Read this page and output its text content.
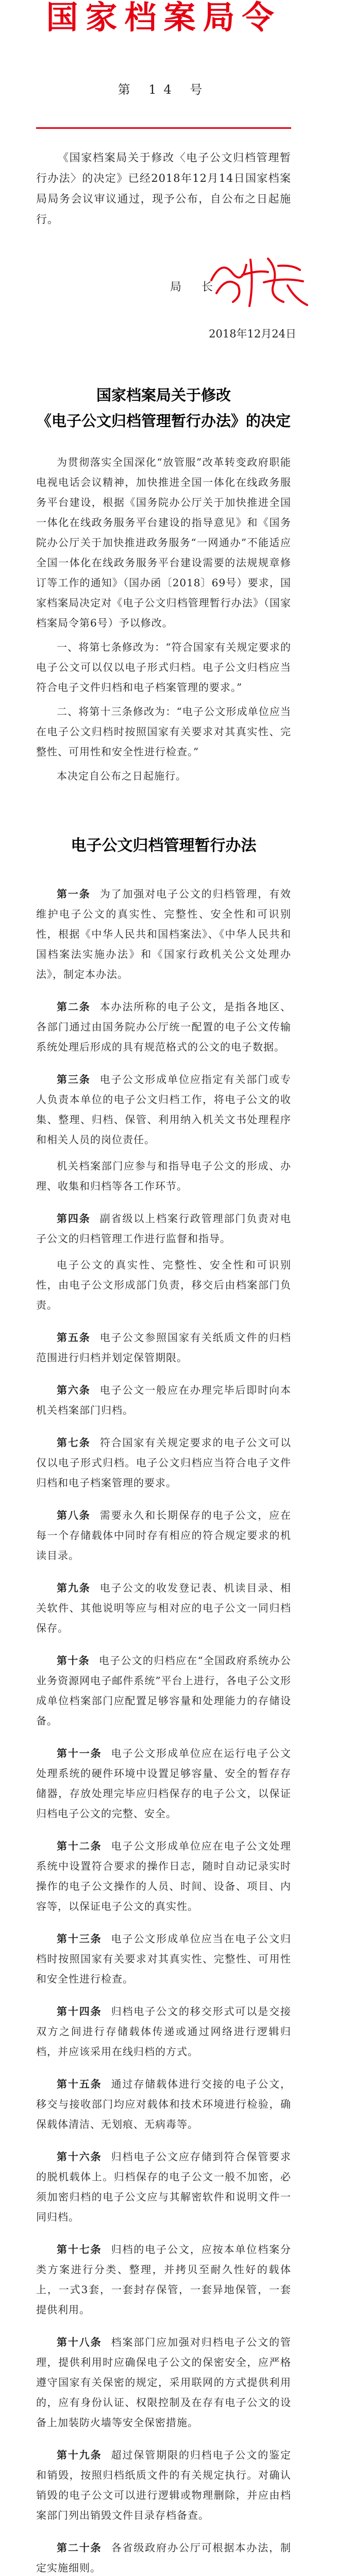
国家档案局令
第 14 号

《国家档案局关于修改〈电子公文归档管理暂行办法〉的决定》已经2018年12月14日国家档案局局务会议审议通过，现予公布，自公布之日起施行。

局 长
2018年12月24日
国家档案局关于修改
《电子公文归档管理暂行办法》的决定

为贯彻落实全国深化“放管服”改革转变政府职能电视电话会议精神，加快推进全国一体化在线政务服务平台建设，根据《国务院办公厅关于加快推进全国一体化在线政务服务平台建设的指导意见》和《国务院办公厅关于加快推进政务服务“一网通办”不能适应全国一体化在线政务服务平台建设需要的法规规章修订等工作的通知》（国办函〔2018〕69号）要求，国家档案局决定对《电子公文归档管理暂行办法》（国家档案局令第6号）予以修改。

一、将第七条修改为：“符合国家有关规定要求的电子公文可以仅以电子形式归档。电子公文归档应当符合电子文件归档和电子档案管理的要求。”

二、将第十三条修改为：“电子公文形成单位应当在电子公文归档时按照国家有关要求对其真实性、完整性、可用性和安全性进行检查。”

本决定自公布之日起施行。

电子公文归档管理暂行办法

第一条 为了加强对电子公文的归档管理，有效维护电子公文的真实性、完整性、安全性和可识别性，根据《中华人民共和国档案法》、《中华人民共和国档案法实施办法》和《国家行政机关公文处理办法》，制定本办法。

第二条 本办法所称的电子公文，是指各地区、各部门通过由国务院办公厅统一配置的电子公文传输系统处理后形成的具有规范格式的公文的电子数据。

第三条 电子公文形成单位应指定有关部门或专人负责本单位的电子公文归档工作，将电子公文的收集、整理、归档、保管、利用纳入机关文书处理程序和相关人员的岗位责任。

机关档案部门应参与和指导电子公文的形成、办理、收集和归档等各工作环节。

第四条 副省级以上档案行政管理部门负责对电子公文的归档管理工作进行监督和指导。

电子公文的真实性、完整性、安全性和可识别性，由电子公文形成部门负责，移交后由档案部门负责。

第五条 电子公文参照国家有关纸质文件的归档范围进行归档并划定保管期限。

第六条 电子公文一般应在办理完毕后即时向本机关档案部门归档。

第七条 符合国家有关规定要求的电子公文可以仅以电子形式归档。电子公文归档应当符合电子文件归档和电子档案管理的要求。

第八条 需要永久和长期保存的电子公文，应在每一个存储载体中同时存有相应的符合规定要求的机读目录。

第九条 电子公文的收发登记表、机读目录、相关软件、其他说明等应与相对应的电子公文一同归档保存。

第十条 电子公文的归档应在“全国政府系统办公业务资源网电子邮件系统”平台上进行，各电子公文形成单位档案部门应配置足够容量和处理能力的存储设备。

第十一条 电子公文形成单位应在运行电子公文处理系统的硬件环境中设置足够容量、安全的暂存存储器，存放处理完毕应归档保存的电子公文，以保证归档电子公文的完整、安全。

第十二条 电子公文形成单位应在电子公文处理系统中设置符合要求的操作日志，随时自动记录实时操作的电子公文操作的人员、时间、设备、项目、内容等，以保证电子公文的真实性。

第十三条 电子公文形成单位应当在电子公文归档时按照国家有关要求对其真实性、完整性、可用性和安全性进行检查。

第十四条 归档电子公文的移交形式可以是交接双方之间进行存储载体传递或通过网络进行逻辑归档，并应该采用在线归档的方式。

第十五条 通过存储载体进行交接的电子公文，移交与接收部门均应对载体和技术环境进行检验，确保载体清洁、无划痕、无病毒等。

第十六条 归档电子公文应存储到符合保管要求的脱机载体上。归档保存的电子公文一般不加密，必须加密归档的电子公文应与其解密软件和说明文件一同归档。

第十七条 归档的电子公文，应按本单位档案分类方案进行分类、整理，并拷贝至耐久性好的载体上，一式3套，一套封存保管，一套异地保管，一套提供利用。

第十八条 档案部门应加强对归档电子公文的管理，提供利用时应确保电子公文的保密安全，应严格遵守国家有关保密的规定，采用联网的方式提供利用的，应有身份认证、权限控制及在存有电子公文的设备上加装防火墙等安全保密措施。

第十九条 超过保管期限的归档电子公文的鉴定和销毁，按照归档纸质文件的有关规定执行。对确认销毁的电子公文可以进行逻辑或物理删除，并应由档案部门列出销毁文件目录存档备查。

第二十条 各省级政府办公厅可根据本办法，制定实施细则。
